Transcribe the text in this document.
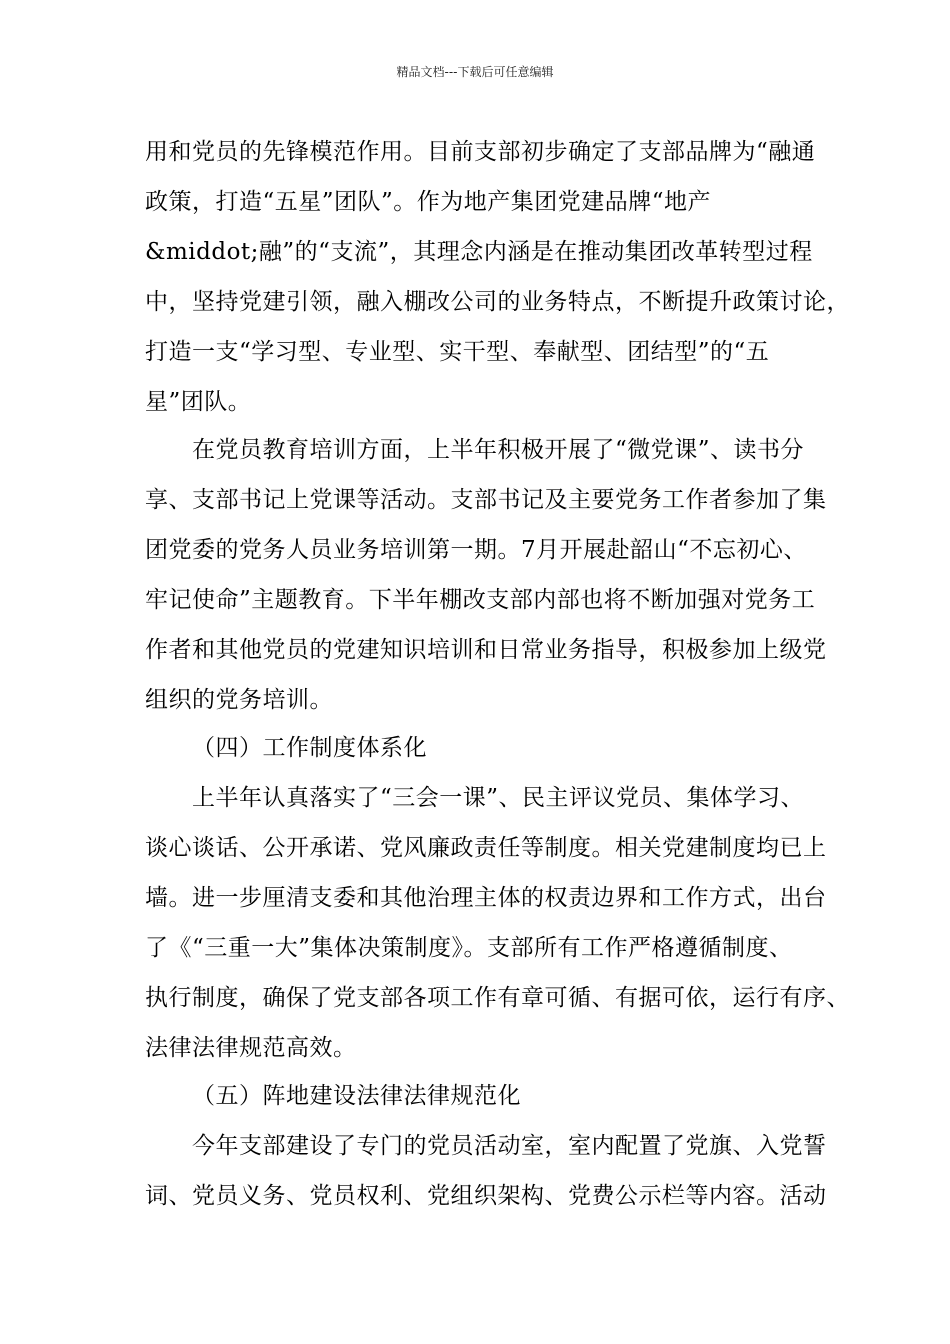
精品文档---下载后可任意编辑
用和党员的先锋模范作用。目前支部初步确定了支部品牌为“融通
政策，打造“五星”团队”。作为地产集团党建品牌“地产
&middot;融”的“支流”，其理念内涵是在推动集团改革转型过程
中，坚持党建引领，融入棚改公司的业务特点，不断提升政策讨论，
打造一支“学习型、专业型、实干型、奉献型、团结型”的“五
星”团队。
在党员教育培训方面，上半年积极开展了“微党课”、读书分
享、支部书记上党课等活动。支部书记及主要党务工作者参加了集
团党委的党务人员业务培训第一期。7月开展赴韶山“不忘初心、
牢记使命”主题教育。下半年棚改支部内部也将不断加强对党务工
作者和其他党员的党建知识培训和日常业务指导，积极参加上级党
组织的党务培训。
（四）工作制度体系化
上半年认真落实了“三会一课”、民主评议党员、集体学习、
谈心谈话、公开承诺、党风廉政责任等制度。相关党建制度均已上
墙。进一步厘清支委和其他治理主体的权责边界和工作方式，出台
了《“三重一大”集体决策制度》。支部所有工作严格遵循制度、
执行制度，确保了党支部各项工作有章可循、有据可依，运行有序、
法律法律规范高效。
（五）阵地建设法律法律规范化
今年支部建设了专门的党员活动室，室内配置了党旗、入党誓
词、党员义务、党员权利、党组织架构、党费公示栏等内容。活动
